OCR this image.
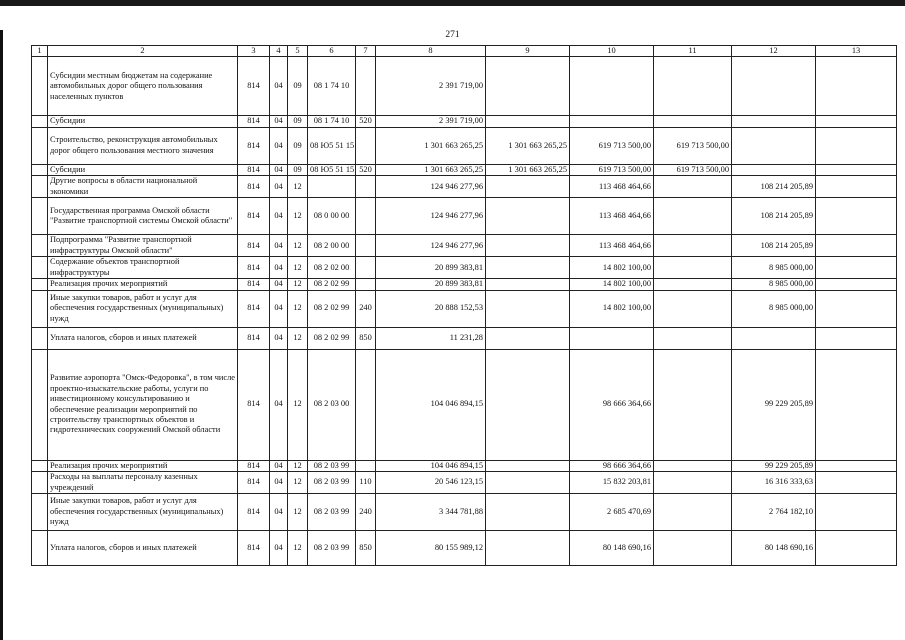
271
1	2	3	4	5	6	7	8	9	10	11	12	13
	Субсидии местным бюджетам на содержание автомобильных дорог общего пользования населенных пунктов	814	04	09	08 1 74 10		2 391 719,00					
	Субсидии	814	04	09	08 1 74 10	520	2 391 719,00					
	Строительство, реконструкция автомобильных дорог общего пользования местного значения	814	04	09	08 Ю5 51 15		1 301 663 265,25	1 301 663 265,25	619 713 500,00	619 713 500,00		
	Субсидии	814	04	09	08 Ю5 51 15	520	1 301 663 265,25	1 301 663 265,25	619 713 500,00	619 713 500,00		
	Другие вопросы в области национальной экономики	814	04	12			124 946 277,96		113 468 464,66		108 214 205,89	
	Государственная программа Омской области "Развитие транспортной системы Омской области"	814	04	12	08 0 00 00		124 946 277,96		113 468 464,66		108 214 205,89	
	Подпрограмма "Развитие транспортной инфраструктуры Омской области"	814	04	12	08 2 00 00		124 946 277,96		113 468 464,66		108 214 205,89	
	Содержание объектов транспортной инфраструктуры	814	04	12	08 2 02 00		20 899 383,81		14 802 100,00		8 985 000,00	
	Реализация прочих мероприятий	814	04	12	08 2 02 99		20 899 383,81		14 802 100,00		8 985 000,00	
	Иные закупки товаров, работ и услуг для обеспечения государственных (муниципальных) нужд	814	04	12	08 2 02 99	240	20 888 152,53		14 802 100,00		8 985 000,00	
	Уплата налогов, сборов и иных платежей	814	04	12	08 2 02 99	850	11 231,28					
	Развитие аэропорта "Омск-Федоровка", в том числе проектно-изыскательские работы, услуги по инвестиционному консультированию и обеспечение реализации мероприятий по строительству транспортных объектов и гидротехнических сооружений Омской области	814	04	12	08 2 03 00		104 046 894,15		98 666 364,66		99 229 205,89	
	Реализация прочих мероприятий	814	04	12	08 2 03 99		104 046 894,15		98 666 364,66		99 229 205,89	
	Расходы на выплаты персоналу казенных учреждений	814	04	12	08 2 03 99	110	20 546 123,15		15 832 203,81		16 316 333,63	
	Иные закупки товаров, работ и услуг для обеспечения государственных (муниципальных) нужд	814	04	12	08 2 03 99	240	3 344 781,88		2 685 470,69		2 764 182,10	
	Уплата налогов, сборов и иных платежей	814	04	12	08 2 03 99	850	80 155 989,12		80 148 690,16		80 148 690,16	
